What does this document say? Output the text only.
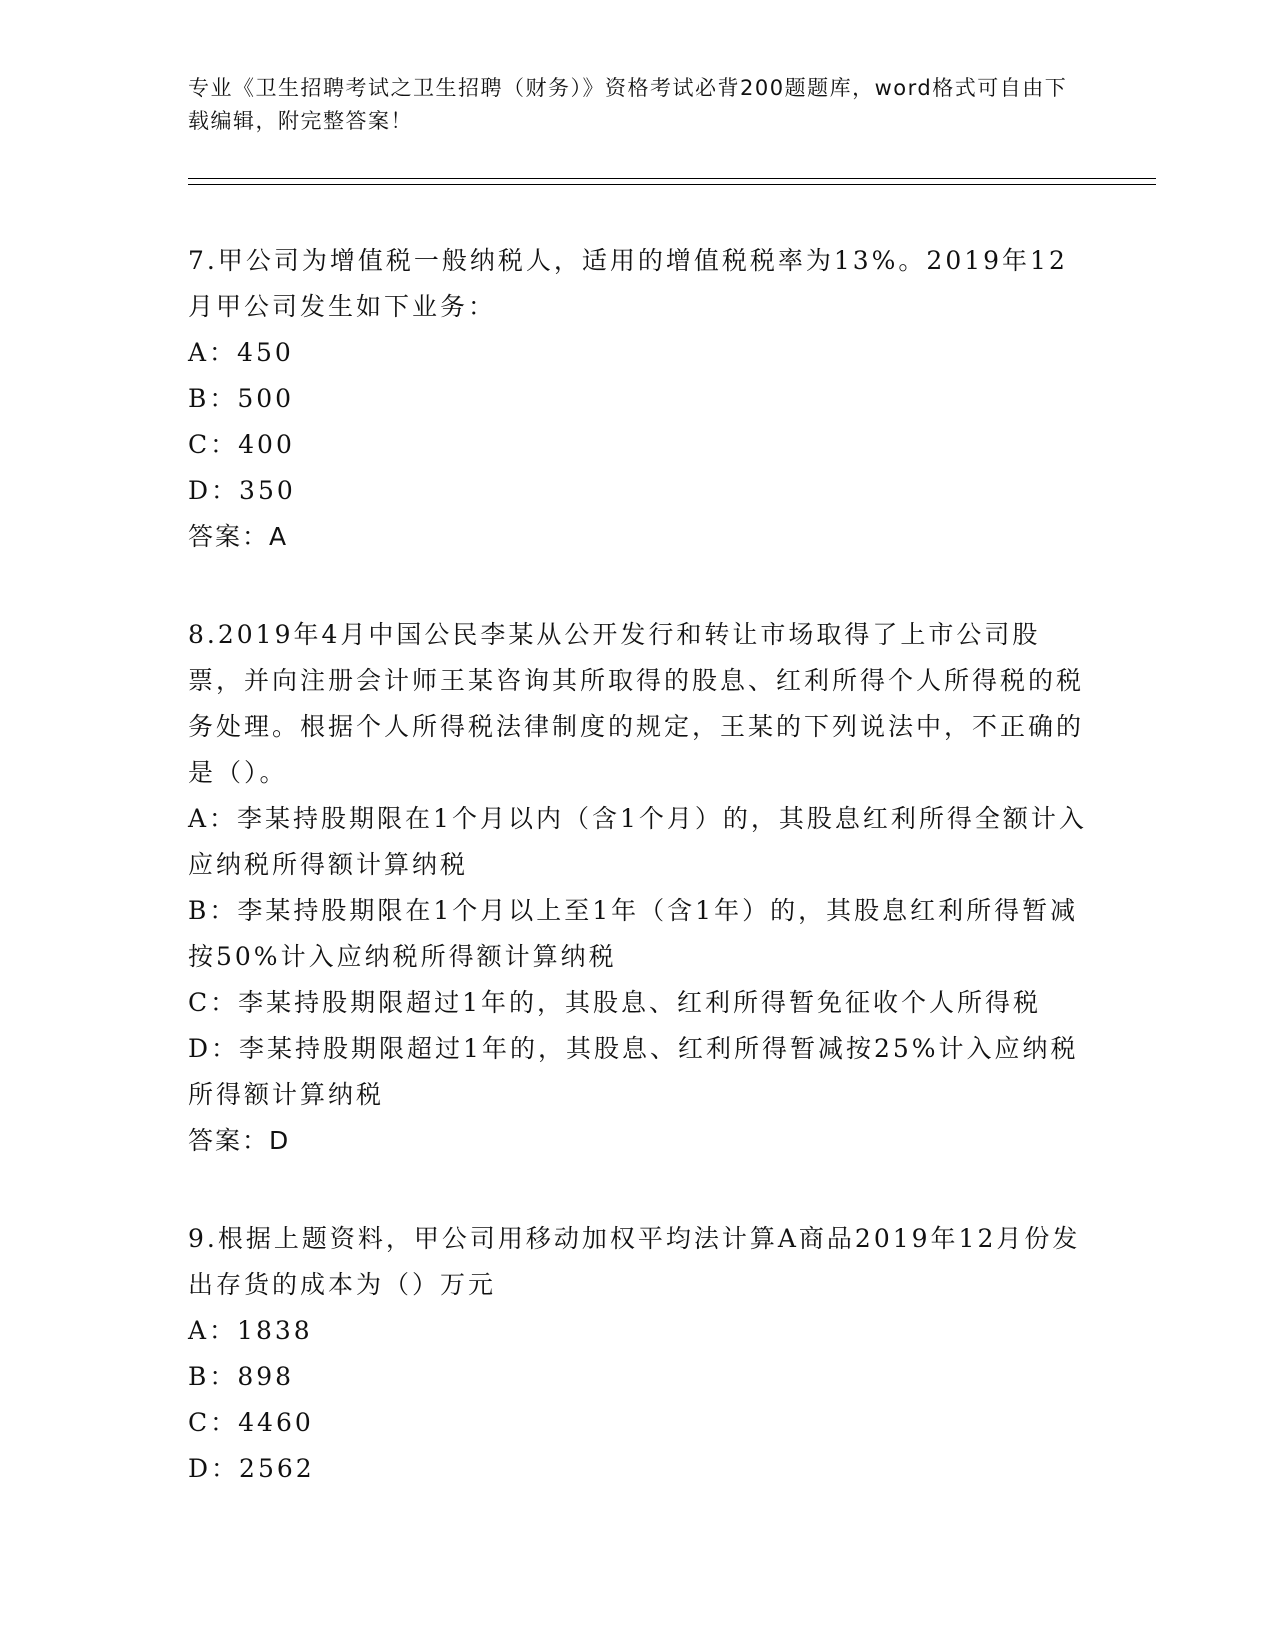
专业《卫生招聘考试之卫生招聘（财务）》资格考试必背200题题库，word格式可自由下载编辑，附完整答案！
7.甲公司为增值税一般纳税人，适用的增值税税率为13%。2019年12月甲公司发生如下业务：
A：450
B：500
C：400
D：350
答案：A
8.2019年4月中国公民李某从公开发行和转让市场取得了上市公司股票，并向注册会计师王某咨询其所取得的股息、红利所得个人所得税的税务处理。根据个人所得税法律制度的规定，王某的下列说法中，不正确的是（）。
A：李某持股期限在1个月以内（含1个月）的，其股息红利所得全额计入应纳税所得额计算纳税
B：李某持股期限在1个月以上至1年（含1年）的，其股息红利所得暂减按50%计入应纳税所得额计算纳税
C：李某持股期限超过1年的，其股息、红利所得暂免征收个人所得税
D：李某持股期限超过1年的，其股息、红利所得暂减按25%计入应纳税所得额计算纳税
答案：D
9.根据上题资料，甲公司用移动加权平均法计算A商品2019年12月份发出存货的成本为（）万元
A：1838
B：898
C：4460
D：2562
